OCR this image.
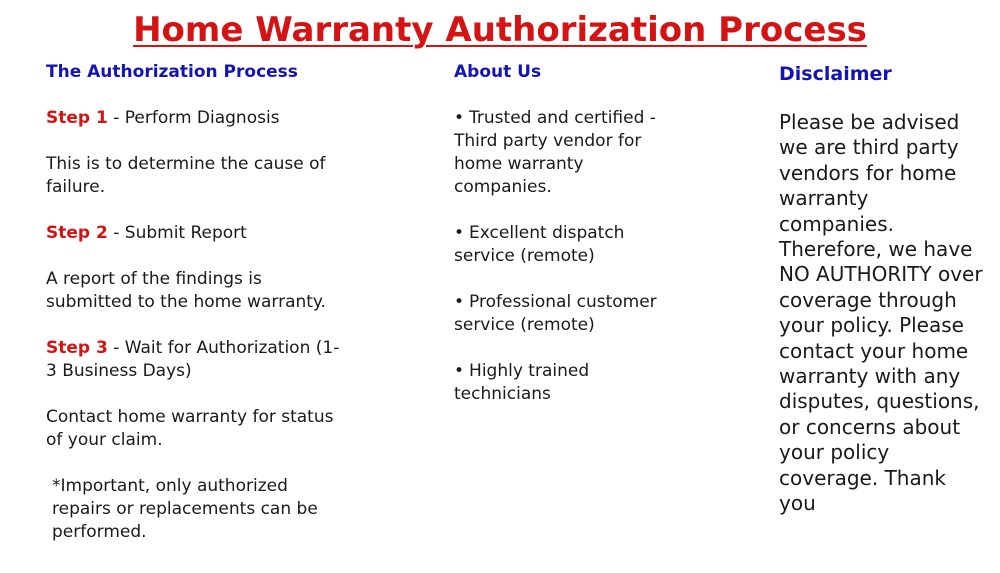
Home Warranty Authorization Process

The Authorization Process

Step 1 - Perform Diagnosis

This is to determine the cause of failure.

Step 2 - Submit Report

A report of the findings is submitted to the home warranty.

Step 3 - Wait for Authorization (1-3 Business Days)

Contact home warranty for status of your claim.

*Important, only authorized repairs or replacements can be performed.

About Us

• Trusted and certified - Third party vendor for home warranty companies.

• Excellent dispatch service (remote)

• Professional customer service (remote)

• Highly trained technicians

Disclaimer

Please be advised we are third party vendors for home warranty companies. Therefore, we have NO AUTHORITY over coverage through your policy. Please contact your home warranty with any disputes, questions, or concerns about your policy coverage. Thank you
